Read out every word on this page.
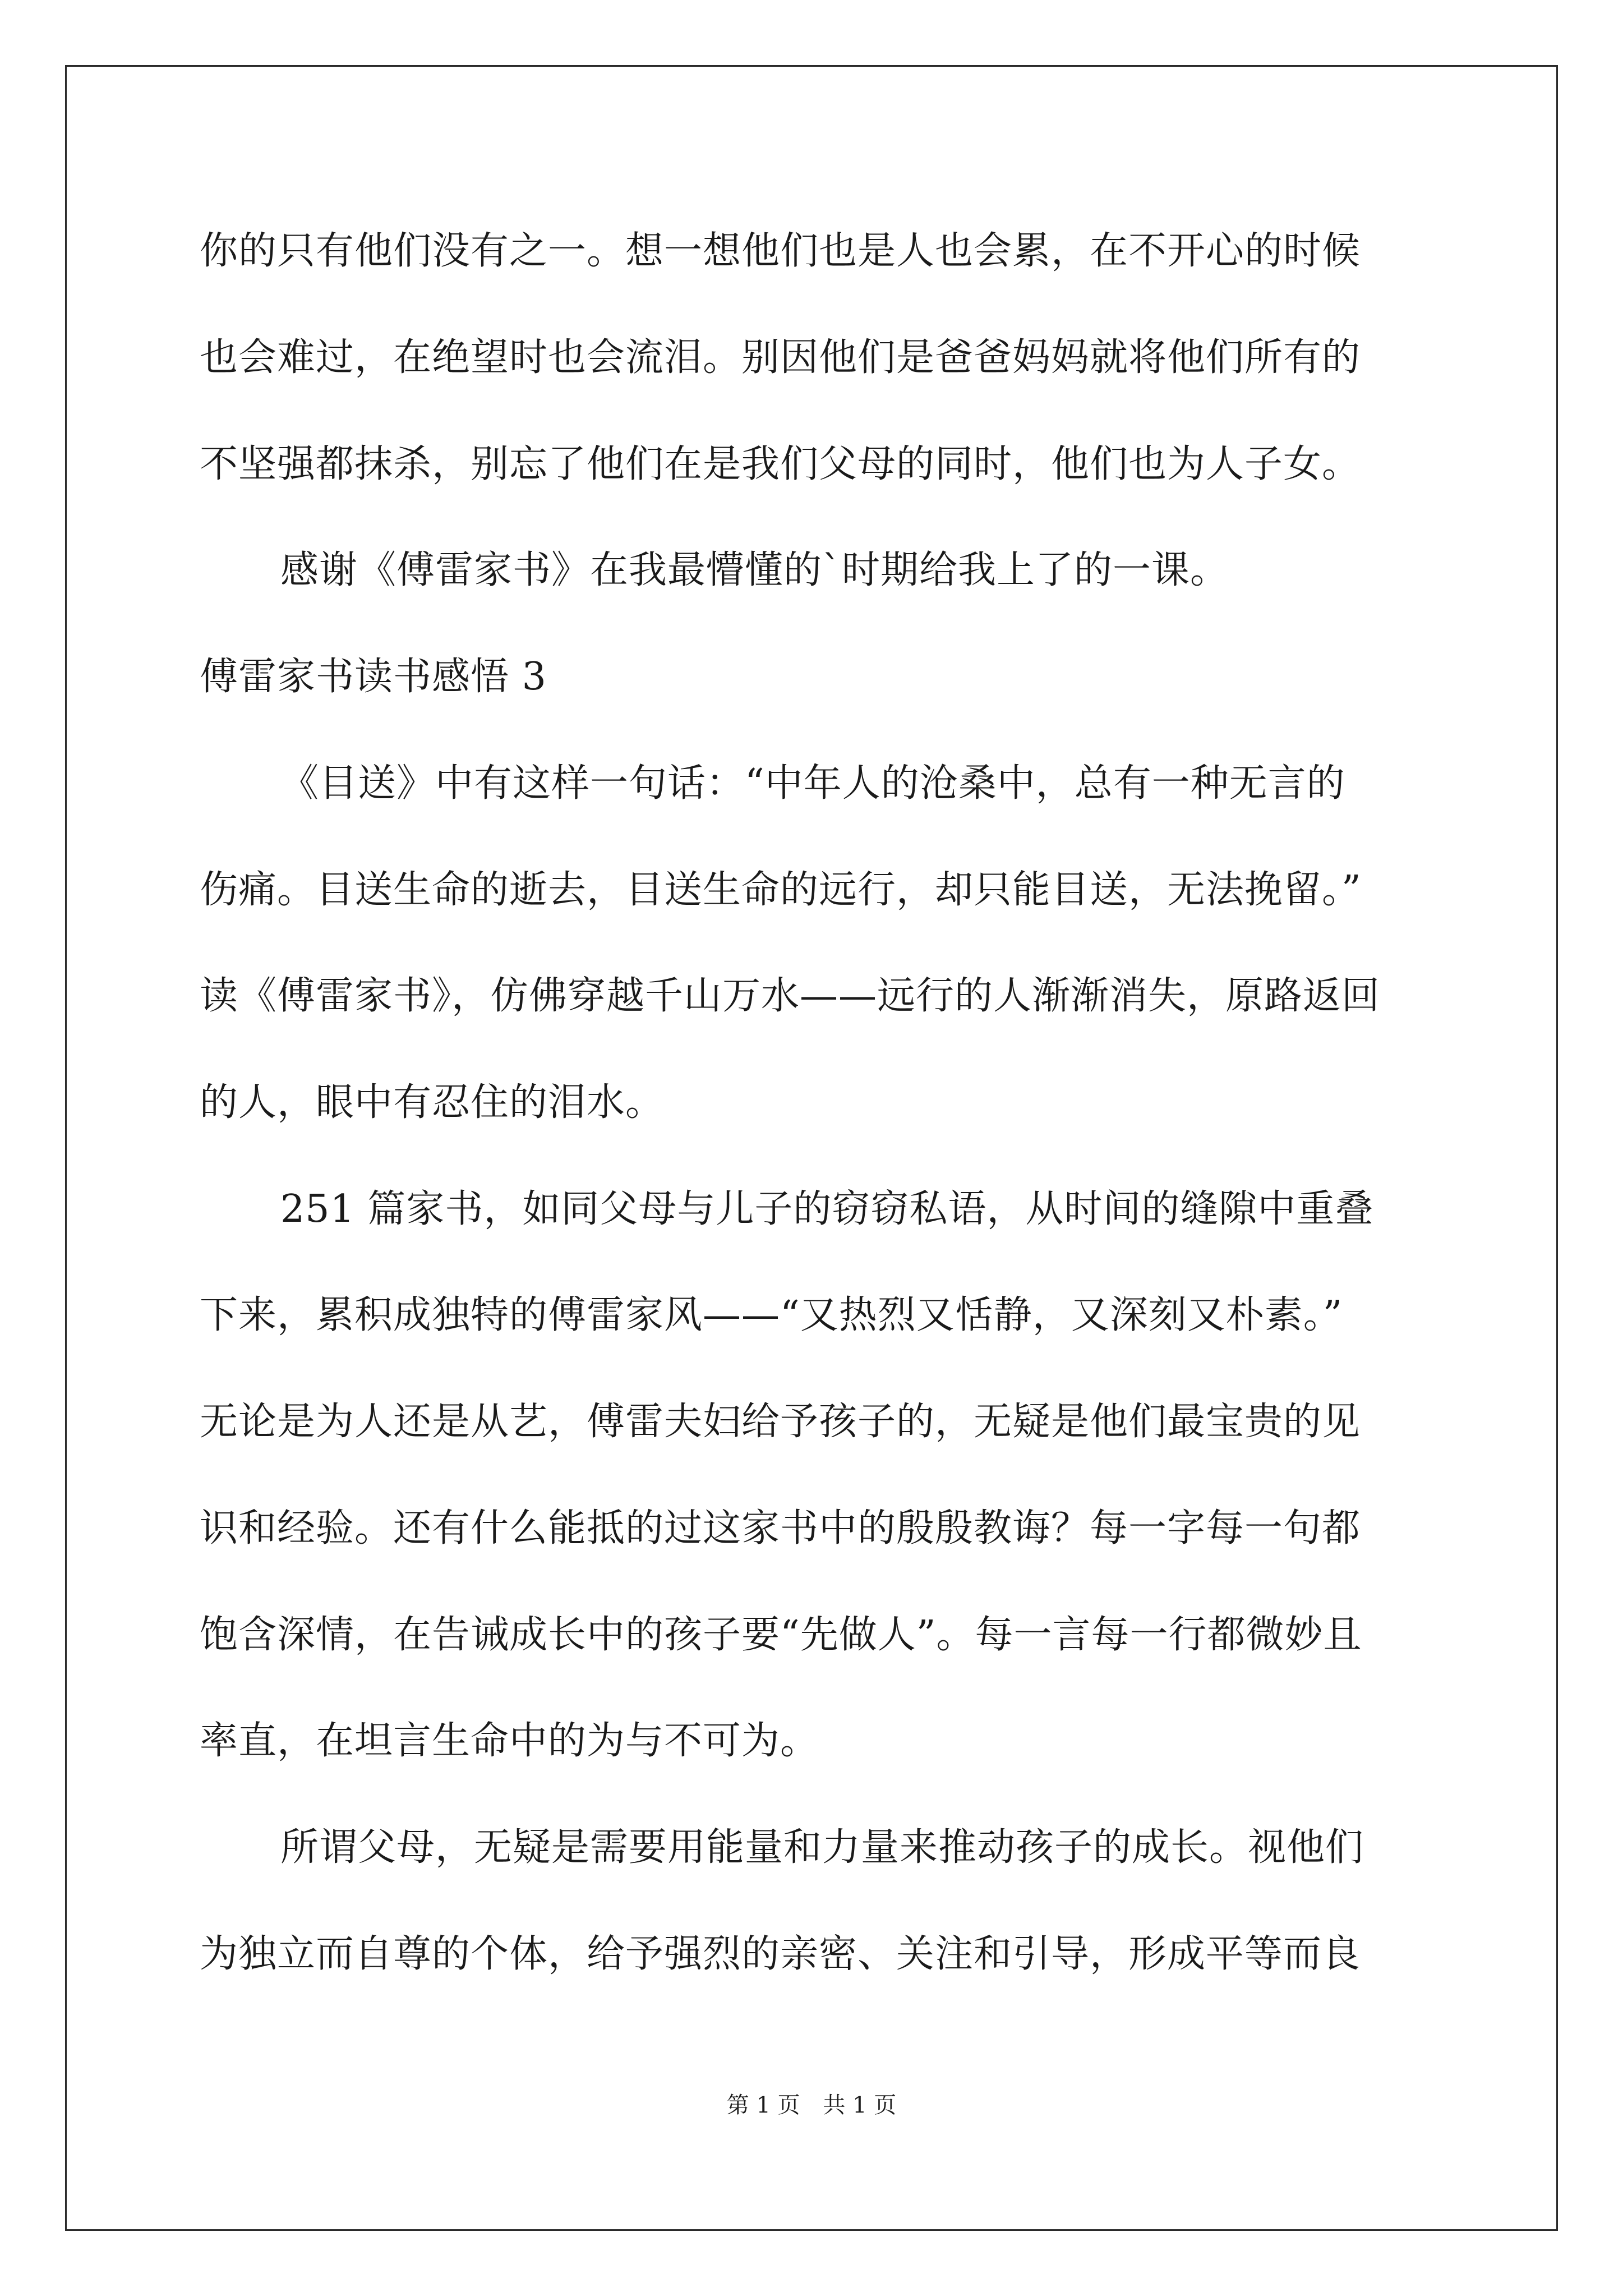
你的只有他们没有之一。想一想他们也是人也会累，在不开心的时候
也会难过，在绝望时也会流泪。别因他们是爸爸妈妈就将他们所有的
不坚强都抹杀，别忘了他们在是我们父母的同时，他们也为人子女。
感谢《傅雷家书》在我最懵懂的`时期给我上了的一课。
傅雷家书读书感悟 3
《目送》中有这样一句话：“中年人的沧桑中，总有一种无言的
伤痛。目送生命的逝去，目送生命的远行，却只能目送，无法挽留。”
读《傅雷家书》，仿佛穿越千山万水——远行的人渐渐消失，原路返回
的人，眼中有忍住的泪水。
251 篇家书，如同父母与儿子的窃窃私语，从时间的缝隙中重叠
下来，累积成独特的傅雷家风——“又热烈又恬静，又深刻又朴素。”
无论是为人还是从艺，傅雷夫妇给予孩子的，无疑是他们最宝贵的见
识和经验。还有什么能抵的过这家书中的殷殷教诲？每一字每一句都
饱含深情，在告诫成长中的孩子要“先做人”。每一言每一行都微妙且
率直，在坦言生命中的为与不可为。
所谓父母，无疑是需要用能量和力量来推动孩子的成长。视他们
为独立而自尊的个体，给予强烈的亲密、关注和引导，形成平等而良
第 1 页 共 1 页
